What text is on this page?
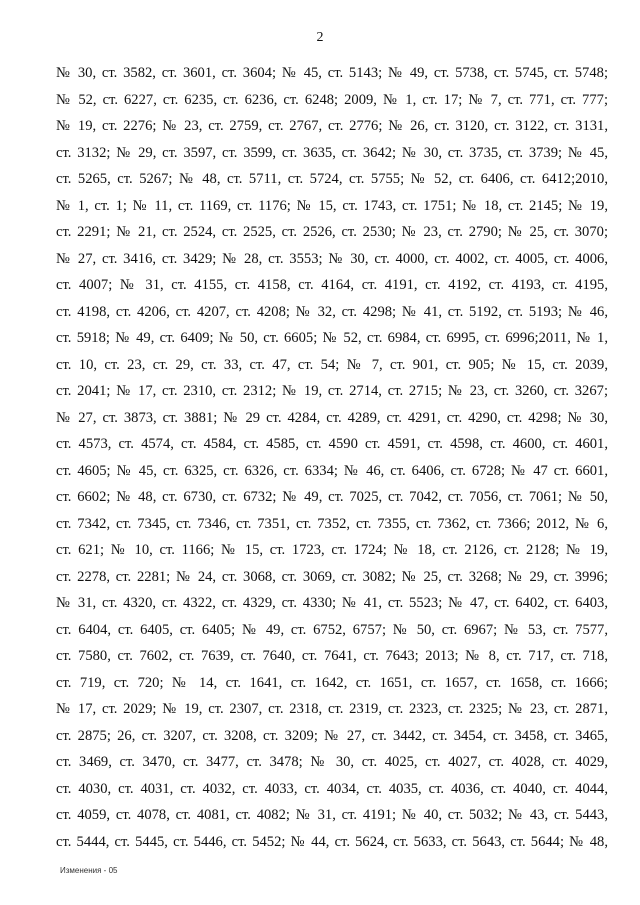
2
№ 30, ст. 3582, ст. 3601, ст. 3604; № 45, ст. 5143; № 49, ст. 5738, ст. 5745, ст. 5748;
№ 52, ст. 6227, ст. 6235, ст. 6236, ст. 6248; 2009, № 1, ст. 17; № 7, ст. 771, ст. 777;
№ 19, ст. 2276; № 23, ст. 2759, ст. 2767, ст. 2776; № 26, ст. 3120, ст. 3122, ст. 3131,
ст. 3132; № 29, ст. 3597, ст. 3599, ст. 3635, ст. 3642; № 30, ст. 3735, ст. 3739; № 45,
ст. 5265, ст. 5267; № 48, ст. 5711, ст. 5724, ст. 5755; № 52, ст. 6406, ст. 6412;2010,
№ 1, ст. 1; № 11, ст. 1169, ст. 1176; № 15, ст. 1743, ст. 1751; № 18, ст. 2145; № 19,
ст. 2291; № 21, ст. 2524, ст. 2525, ст. 2526, ст. 2530; № 23, ст. 2790; № 25, ст. 3070;
№ 27, ст. 3416, ст. 3429; № 28, ст. 3553; № 30, ст. 4000, ст. 4002, ст. 4005, ст. 4006,
ст. 4007; № 31, ст. 4155, ст. 4158, ст. 4164, ст. 4191, ст. 4192, ст. 4193, ст. 4195,
ст. 4198, ст. 4206, ст. 4207, ст. 4208; № 32, ст. 4298; № 41, ст. 5192, ст. 5193; № 46,
ст. 5918; № 49, ст. 6409; № 50, ст. 6605; № 52, ст. 6984, ст. 6995, ст. 6996;2011, № 1,
ст. 10, ст. 23, ст. 29, ст. 33, ст. 47, ст. 54; № 7, ст. 901, ст. 905; № 15, ст. 2039,
ст. 2041; № 17, ст. 2310, ст. 2312; № 19, ст. 2714, ст. 2715; № 23, ст. 3260, ст. 3267;
№ 27, ст. 3873, ст. 3881; № 29 ст. 4284, ст. 4289, ст. 4291, ст. 4290, ст. 4298; № 30,
ст. 4573, ст. 4574, ст. 4584, ст. 4585, ст. 4590 ст. 4591, ст. 4598, ст. 4600, ст. 4601,
ст. 4605; № 45, ст. 6325, ст. 6326, ст. 6334; № 46, ст. 6406, ст. 6728; № 47 ст. 6601,
ст. 6602; № 48, ст. 6730, ст. 6732; № 49, ст. 7025, ст. 7042, ст. 7056, ст. 7061; № 50,
ст. 7342, ст. 7345, ст. 7346, ст. 7351, ст. 7352, ст. 7355, ст. 7362, ст. 7366; 2012, № 6,
ст. 621; № 10, ст. 1166; № 15, ст. 1723, ст. 1724; № 18, ст. 2126, ст. 2128; № 19,
ст. 2278, ст. 2281; № 24, ст. 3068, ст. 3069, ст. 3082; № 25, ст. 3268; № 29, ст. 3996;
№ 31, ст. 4320, ст. 4322, ст. 4329, ст. 4330; № 41, ст. 5523; № 47, ст. 6402, ст. 6403,
ст. 6404, ст. 6405, ст. 6405; № 49, ст. 6752, 6757; № 50, ст. 6967; № 53, ст. 7577,
ст. 7580, ст. 7602, ст. 7639, ст. 7640, ст. 7641, ст. 7643; 2013; № 8, ст. 717, ст. 718,
ст. 719, ст. 720; № 14, ст. 1641, ст. 1642, ст. 1651, ст. 1657, ст. 1658, ст. 1666;
№ 17, ст. 2029; № 19, ст. 2307, ст. 2318, ст. 2319, ст. 2323, ст. 2325; № 23, ст. 2871,
ст. 2875; 26, ст. 3207, ст. 3208, ст. 3209; № 27, ст. 3442, ст. 3454, ст. 3458, ст. 3465,
ст. 3469, ст. 3470, ст. 3477, ст. 3478; № 30, ст. 4025, ст. 4027, ст. 4028, ст. 4029,
ст. 4030, ст. 4031, ст. 4032, ст. 4033, ст. 4034, ст. 4035, ст. 4036, ст. 4040, ст. 4044,
ст. 4059, ст. 4078, ст. 4081, ст. 4082; № 31, ст. 4191; № 40, ст. 5032; № 43, ст. 5443,
ст. 5444, ст. 5445, ст. 5446, ст. 5452; № 44, ст. 5624, ст. 5633, ст. 5643, ст. 5644; № 48,
Изменения - 05
